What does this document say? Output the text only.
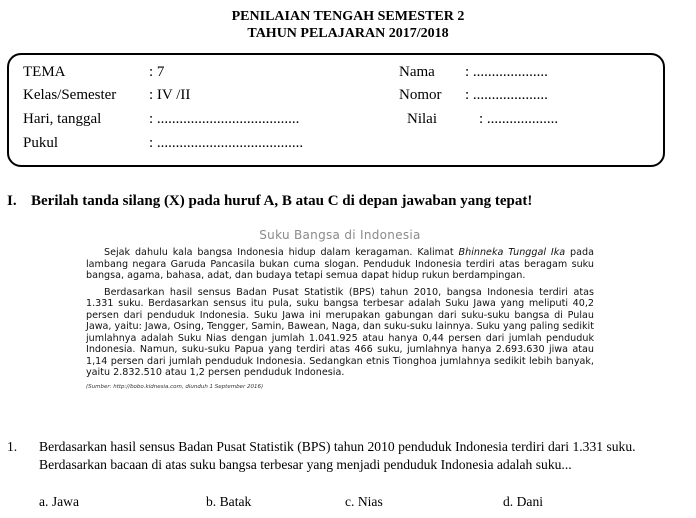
PENILAIAN TENGAH SEMESTER 2
TAHUN PELAJARAN 2017/2018
TEMA	: 7
Kelas/Semester : IV /II
Hari, tanggal	: ......................................
Pukul	: .......................................
Nama : ....................
Nomor : ....................
Nilai	: ...................
I. Berilah tanda silang (X) pada huruf A, B atau C di depan jawaban yang tepat!
Suku Bangsa di Indonesia

Sejak dahulu kala bangsa Indonesia hidup dalam keragaman. Kalimat Bhinneka Tunggal Ika pada lambang negara Garuda Pancasila bukan cuma slogan. Penduduk Indonesia terdiri atas beragam suku bangsa, agama, bahasa, adat, dan budaya tetapi semua dapat hidup rukun berdampingan.

Berdasarkan hasil sensus Badan Pusat Statistik (BPS) tahun 2010, bangsa Indonesia terdiri atas 1.331 suku. Berdasarkan sensus itu pula, suku bangsa terbesar adalah Suku Jawa yang meliputi 40,2 persen dari penduduk Indonesia. Suku Jawa ini merupakan gabungan dari suku-suku bangsa di Pulau Jawa, yaitu: Jawa, Osing, Tengger, Samin, Bawean, Naga, dan suku-suku lainnya. Suku yang paling sedikit jumlahnya adalah Suku Nias dengan jumlah 1.041.925 atau hanya 0,44 persen dari jumlah penduduk Indonesia. Namun, suku-suku Papua yang terdiri atas 466 suku, jumlahnya hanya 2.693.630 jiwa atau 1,14 persen dari jumlah penduduk Indonesia. Sedangkan etnis Tionghoa jumlahnya sedikit lebih banyak, yaitu 2.832.510 atau 1,2 persen penduduk Indonesia.

(Sumber: http://bobo.kidnesia.com, diunduh 1 September 2016)
1. Berdasarkan hasil sensus Badan Pusat Statistik (BPS) tahun 2010 penduduk Indonesia terdiri dari 1.331 suku. Berdasarkan bacaan di atas suku bangsa terbesar yang menjadi penduduk Indonesia adalah suku...
a. Jawa	b. Batak	c. Nias	d. Dani
